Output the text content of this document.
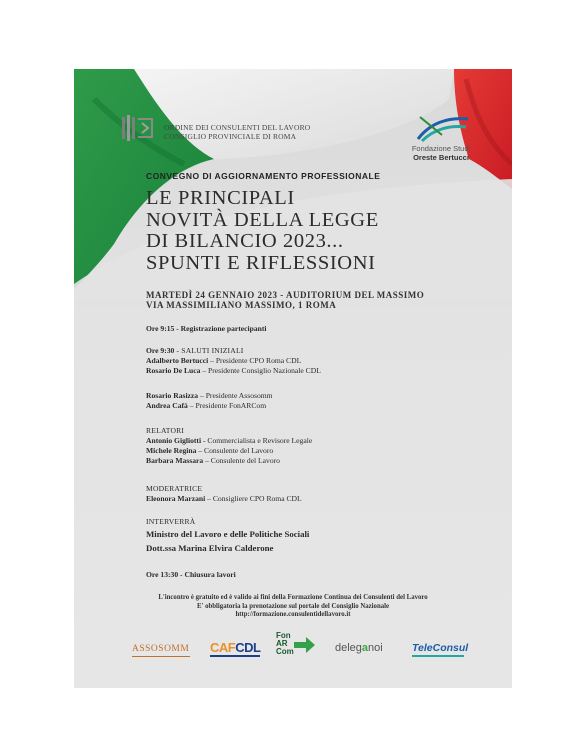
ORDINE DEI CONSULENTI DEL LAVORO
CONSIGLIO PROVINCIALE DI ROMA
Fondazione Studi
Oreste Bertucci
CONVEGNO DI AGGIORNAMENTO PROFESSIONALE
LE PRINCIPALI
NOVITÀ DELLA LEGGE
DI BILANCIO 2023...
SPUNTI E RIFLESSIONI
MARTEDÌ 24 GENNAIO 2023 - AUDITORIUM DEL MASSIMO
VIA MASSIMILIANO MASSIMO, 1 ROMA
Ore 9:15 - Registrazione partecipanti
Ore 9:30 - SALUTI INIZIALI
Adalberto Bertucci – Presidente CPO Roma CDL
Rosario De Luca – Presidente Consiglio Nazionale CDL
Rosario Rasizza – Presidente Assosomm
Andrea Cafà – Presidente FonARCom
RELATORI
Antonio Gigliotti - Commercialista e Revisore Legale
Michele Regina – Consulente del Lavoro
Barbara Massara – Consulente del Lavoro
MODERATRICE
Eleonora Marzani – Consigliere CPO Roma CDL
INTERVERRÀ
Ministro del Lavoro e delle Politiche Sociali
Dott.ssa Marina Elvira Calderone
Ore 13:30 - Chiusura lavori
L'incontro è gratuito ed è valido ai fini della Formazione Continua dei Consulenti del Lavoro
E' obbligatoria la prenotazione sul portale del Consiglio Nazionale
http://formazione.consulentidellavoro.it
ASSOSOMM CAFCDL
Fon
AR
Com	deleganoi	TeleConsul
